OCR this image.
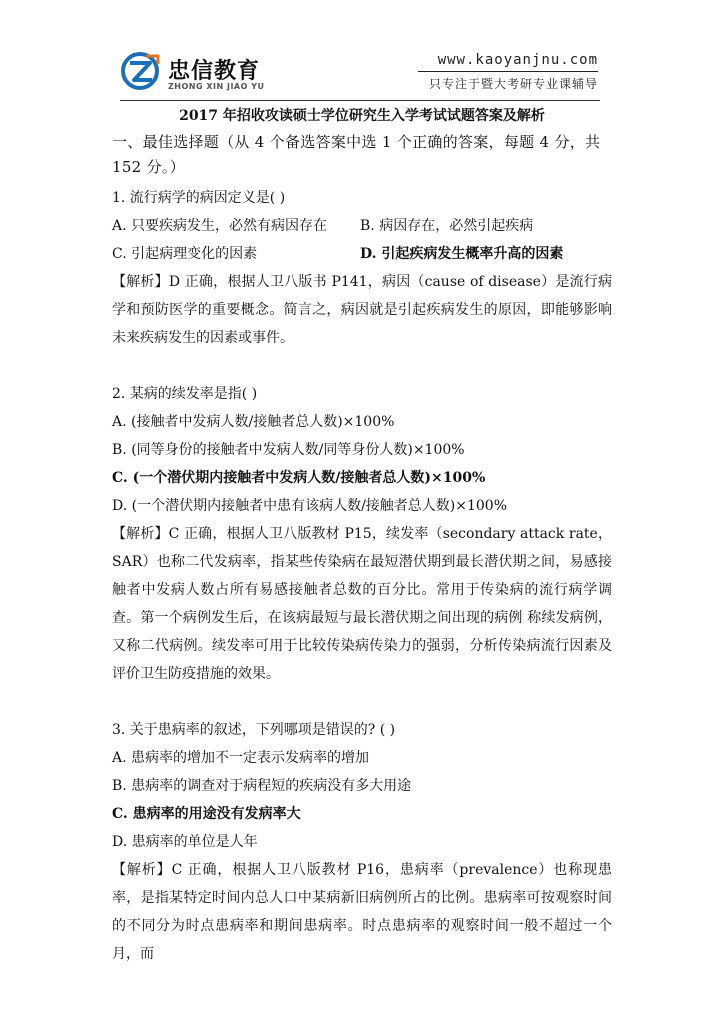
忠信教育
ZHONG XIN JIAO YU
www.kaoyanjnu.com
只专注于暨大考研专业课辅导

2017 年招收攻读硕士学位研究生入学考试试题答案及解析

一、最佳选择题（从 4 个备选答案中选 1 个正确的答案，每题 4 分，共 152 分。）

1. 流行病学的病因定义是( )

A. 只要疾病发生，必然有病因存在	B. 病因存在，必然引起疾病
C. 引起病理变化的因素	D. 引起疾病发生概率升高的因素

【解析】D 正确，根据人卫八版书 P141，病因（cause of disease）是流行病学和预防医学的重要概念。简言之，病因就是引起疾病发生的原因，即能够影响未来疾病发生的因素或事件。

2. 某病的续发率是指( )

A. (接触者中发病人数/接触者总人数)×100%

B. (同等身份的接触者中发病人数/同等身份人数)×100%

C. (一个潜伏期内接触者中发病人数/接触者总人数)×100%

D. (一个潜伏期内接触者中患有该病人数/接触者总人数)×100%

【解析】C 正确，根据人卫八版教材 P15，续发率（secondary attack rate，SAR）也称二代发病率，指某些传染病在最短潜伏期到最长潜伏期之间，易感接触者中发病人数占所有易感接触者总数的百分比。常用于传染病的流行病学调查。第一个病例发生后，在该病最短与最长潜伏期之间出现的病例 称续发病例，又称二代病例。续发率可用于比较传染病传染力的强弱，分析传染病流行因素及评价卫生防疫措施的效果。

3. 关于患病率的叙述，下列哪项是错误的? ( )

A. 患病率的增加不一定表示发病率的增加

B. 患病率的调查对于病程短的疾病没有多大用途

C. 患病率的用途没有发病率大

D. 患病率的单位是人年

【解析】C 正确，根据人卫八版教材 P16，患病率（prevalence）也称现患率，是指某特定时间内总人口中某病新旧病例所占的比例。患病率可按观察时间的不同分为时点患病率和期间患病率。时点患病率的观察时间一般不超过一个月，而
